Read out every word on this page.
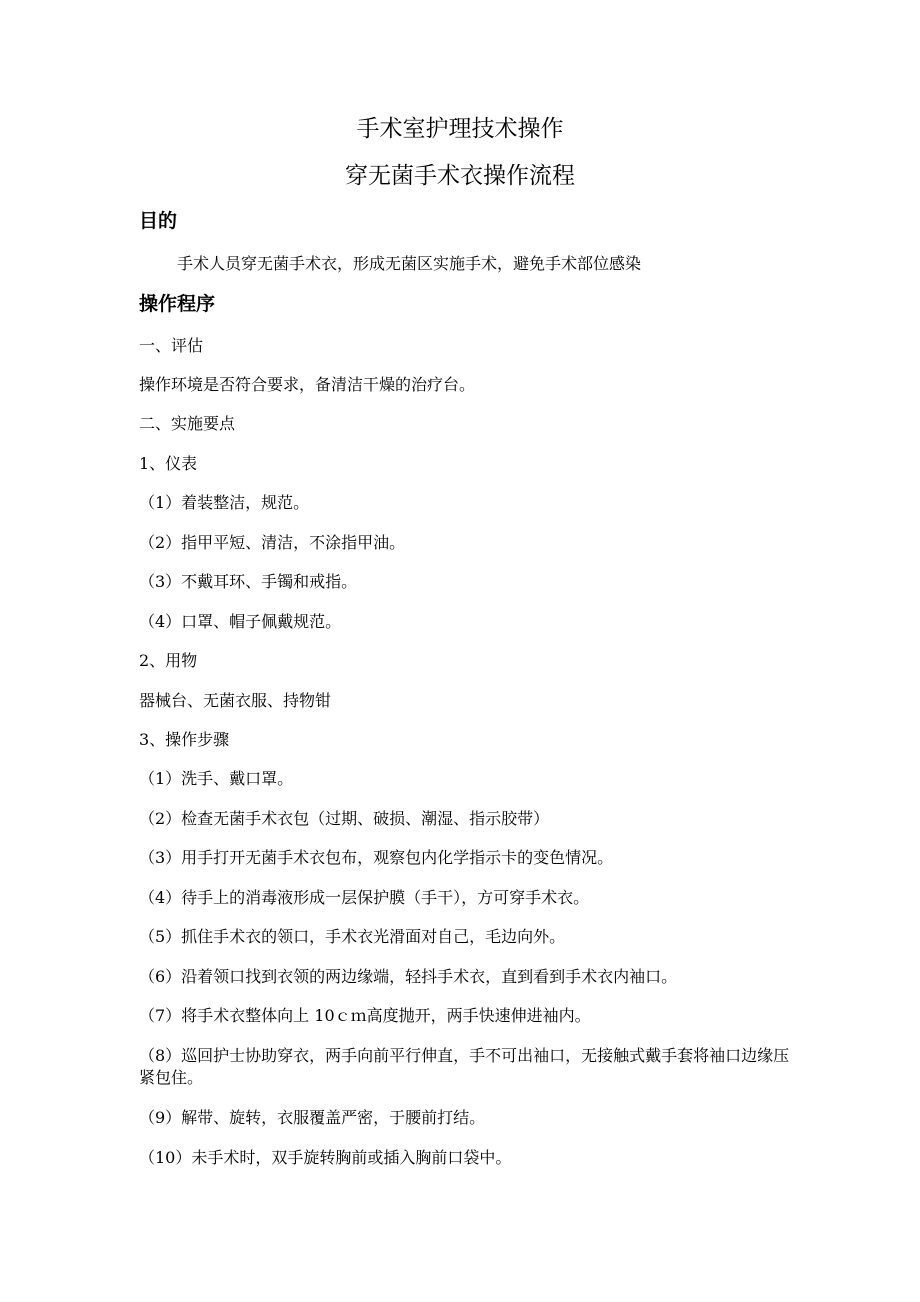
手术室护理技术操作
穿无菌手术衣操作流程
目的
手术人员穿无菌手术衣，形成无菌区实施手术，避免手术部位感染
操作程序
一、评估
操作环境是否符合要求，备清洁干燥的治疗台。
二、实施要点
1、仪表
（1）着装整洁，规范。
（2）指甲平短、清洁，不涂指甲油。
（3）不戴耳环、手镯和戒指。
（4）口罩、帽子佩戴规范。
2、用物
器械台、无菌衣服、持物钳
3、操作步骤
（1）洗手、戴口罩。
（2）检查无菌手术衣包（过期、破损、潮湿、指示胶带）
（3）用手打开无菌手术衣包布，观察包内化学指示卡的变色情况。
（4）待手上的消毒液形成一层保护膜（手干），方可穿手术衣。
（5）抓住手术衣的领口，手术衣光滑面对自己，毛边向外。
（6）沿着领口找到衣领的两边缘端，轻抖手术衣，直到看到手术衣内袖口。
（7）将手术衣整体向上 10ｃｍ高度抛开，两手快速伸进袖内。
（8）巡回护士协助穿衣，两手向前平行伸直，手不可出袖口，无接触式戴手套将袖口边缘压紧包住。
（9）解带、旋转，衣服覆盖严密，于腰前打结。
（10）未手术时，双手旋转胸前或插入胸前口袋中。
